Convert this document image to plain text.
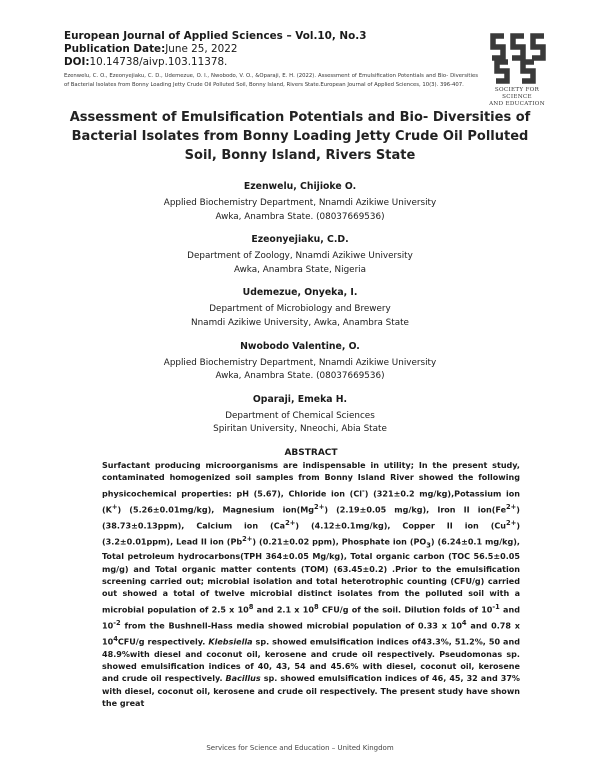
European Journal of Applied Sciences – Vol.10, No.3
Publication Date:June 25, 2022
DOI:10.14738/aivp.103.11378.
Ezenwelu, C. O., Ezeonyejiaku, C. D., Udemezue, O. I., Nwobodo, V. O., &Oparaji, E. H. (2022). Assessment of Emulsification Potentials and Bio- Diversities of Bacterial Isolates from Bonny Loading Jetty Crude Oil Polluted Soil, Bonny Island, Rivers State.European Journal of Applied Sciences, 10(3). 396-407.
SOCIETY FOR SCIENCE
AND EDUCATION
Assessment of Emulsification Potentials and Bio- Diversities of Bacterial Isolates from Bonny Loading Jetty Crude Oil Polluted Soil, Bonny Island, Rivers State
Ezenwelu, Chijioke O.
Applied Biochemistry Department, Nnamdi Azikiwe University
Awka, Anambra State. (08037669536)
Ezeonyejiaku, C.D.
Department of Zoology, Nnamdi Azikiwe University
Awka, Anambra State, Nigeria
Udemezue, Onyeka, I.
Department of Microbiology and Brewery
Nnamdi Azikiwe University, Awka, Anambra State
Nwobodo Valentine, O.
Applied Biochemistry Department, Nnamdi Azikiwe University
Awka, Anambra State. (08037669536)
Oparaji, Emeka H.
Department of Chemical Sciences
Spiritan University, Nneochi, Abia State
ABSTRACT

Surfactant producing microorganisms are indispensable in utility; In the present study, contaminated homogenized soil samples from Bonny Island River showed the following physicochemical properties: pH (5.67), Chloride ion (Cl-) (321±0.2 mg/kg),Potassium ion (K+) (5.26±0.01mg/kg), Magnesium $ion(Mg^{2+})$ (2.19±0.05 mg/kg), Iron II $ion(Fe^{2+})$ (38.73±0.13ppm), Calcium ion $(Ca^{2+})$ (4.12±0.1mg/kg), Copper II ion $(Cu^{2+})$ (3.2±0.01ppm), Lead II ion $(Pb^{2+})$ (0.21±0.02 ppm), Phosphate ion $(PO_3)$ (6.24±0.1 mg/kg), Total petroleum hydrocarbons(TPH 364±0.05 Mg/kg), Total organic carbon (TOC 56.5±0.05 mg/g) and Total organic matter contents (TOM) (63.45±0.2) .Prior to the emulsification screening carried out; microbial isolation and total heterotrophic counting (CFU/g) carried out showed a total of twelve microbial distinct isolates from the polluted soil with a microbial population of 2.5 x $10^8$ and 2.1 x $10^8$ CFU/g of the soil. Dilution folds of $10^{-1}$ and $10^{-2}$ from the Bushnell-Hass media showed microbial population of 0.33 x $10^4$ and 0.78 x $10^4CFU/g$ respectively. Klebsiella sp. showed emulsification indices of43.3%, 51.2%, 50 and 48.9%with diesel and coconut oil, kerosene and crude oil respectively. Pseudomonas sp. showed emulsification indices of 40, 43, 54 and 45.6% with diesel, coconut oil, kerosene and crude oil respectively. Bacillus sp. showed emulsification indices of 46, 45, 32 and 37% with diesel, coconut oil, kerosene and crude oil respectively. The present study have shown the great

Services for Science and Education – United Kingdom
